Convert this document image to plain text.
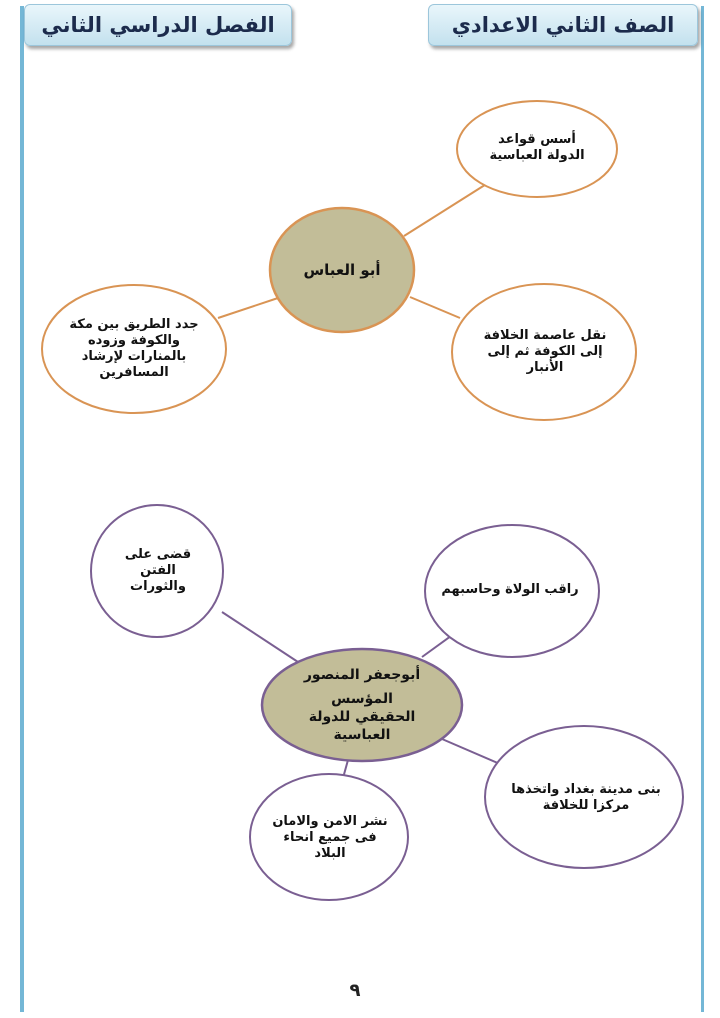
الصف الثاني الاعدادي
الفصل الدراسي الثاني
أبو العباس
أسس قواعد الدولة العباسية
جدد الطريق بين مكة والكوفة وزوده بالمنارات لإرشاد المسافرين
نقل عاصمة الخلافة إلى الكوفة ثم إلى الأنبار
قضى على الفتن والثورات	راقب الولاة وحاسبهم
بنى مدينة بغداد واتخذها مركزا للخلافة
نشر الامن والامان فى جميع انحاء البلاد
أبوجعفر المنصور
المؤسس الحقيقي للدولة العباسية
٩
